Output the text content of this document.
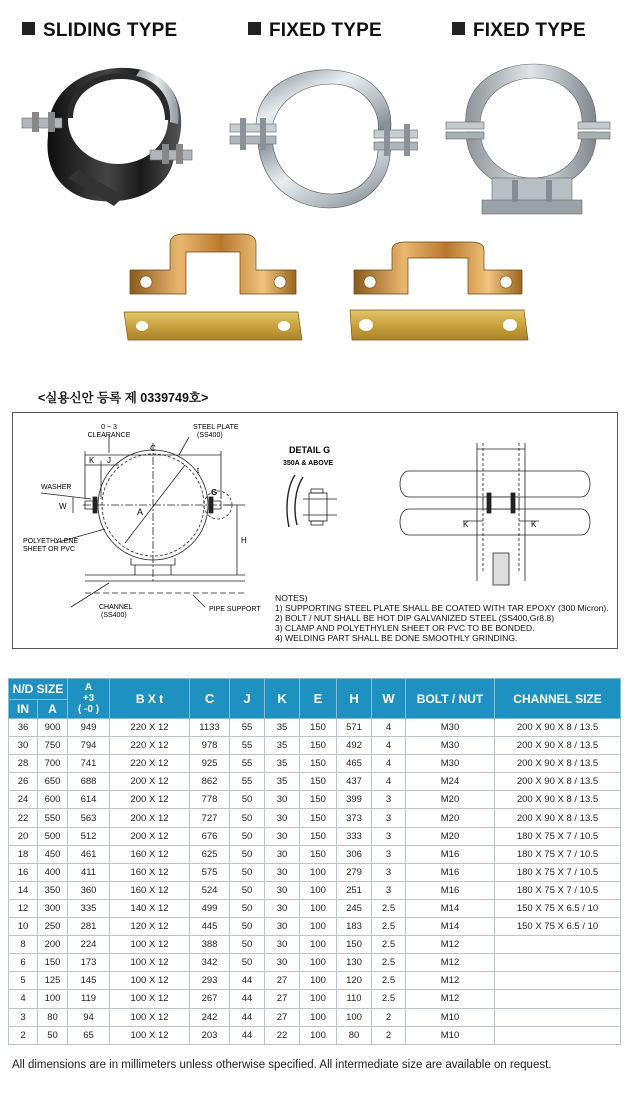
SLIDING TYPE	FIXED TYPE	FIXED TYPE
<실용신안 등록 제 0339749호>
0 ~ 3
CLEARANCE
STEEL PLATE
(SS400)
C
K J
t
G
A
H
W
WASHER
POLYETHYLENE
SHEET OR PVC
CHANNEL
(SS400)
PIPE SUPPORT
DETAIL G
350A & ABOVE
K	K
NOTES)
1) SUPPORTING STEEL PLATE SHALL BE COATED WITH TAR EPOXY (300 Micron).
2) BOLT / NUT SHALL BE HOT DIP GALVANIZED STEEL (SS400,Gr8.8)
3) CLAMP AND POLYETHYLEN SHEET OR PVC TO BE BONDED.
4) WELDING PART SHALL BE DONE SMOOTHLY GRINDING.
N/D SIZE		A
+3
( -0 )	B X t	C	J	K	E	H	W	BOLT / NUT	CHANNEL SIZE
IN	A										
36	900	949	220 X 12	1133	55	35	150	571	4	M30	200 X 90 X 8 / 13.5
30	750	794	220 X 12	978	55	35	150	492	4	M30	200 X 90 X 8 / 13.5
28	700	741	220 X 12	925	55	35	150	465	4	M30	200 X 90 X 8 / 13.5
26	650	688	200 X 12	862	55	35	150	437	4	M24	200 X 90 X 8 / 13.5
24	600	614	200 X 12	778	50	30	150	399	3	M20	200 X 90 X 8 / 13.5
22	550	563	200 X 12	727	50	30	150	373	3	M20	200 X 90 X 8 / 13.5
20	500	512	200 X 12	676	50	30	150	333	3	M20	180 X 75 X 7 / 10.5
18	450	461	160 X 12	625	50	30	150	306	3	M16	180 X 75 X 7 / 10.5
16	400	411	160 X 12	575	50	30	100	279	3	M16	180 X 75 X 7 / 10.5
14	350	360	160 X 12	524	50	30	100	251	3	M16	180 X 75 X 7 / 10.5
12	300	335	140 X 12	499	50	30	100	245	2.5	M14	150 X 75 X 6.5 / 10
10	250	281	120 X 12	445	50	30	100	183	2.5	M14	150 X 75 X 6.5 / 10
8	200	224	100 X 12	388	50	30	100	150	2.5	M12	
6	150	173	100 X 12	342	50	30	100	130	2.5	M12	
5	125	145	100 X 12	293	44	27	100	120	2.5	M12	
4	100	119	100 X 12	267	44	27	100	110	2.5	M12	
3	80	94	100 X 12	242	44	27	100	100	2	M10	
2	50	65	100 X 12	203	44	22	100	80	2	M10	
All dimensions are in millimeters unless otherwise specified. All intermediate size are available on request.
